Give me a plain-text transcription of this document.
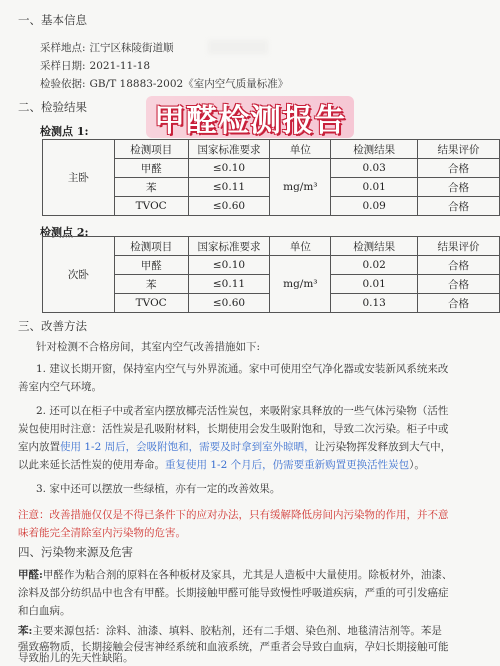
一、基本信息
采样地点: 江宁区秣陵街道顺
采样日期: 2021-11-18
检验依据: GB/T 18883-2002《室内空气质量标准》
二、检验结果 甲醛检测报告
检测点 1:
主卧	检测项目	国家标准要求	单位	检测结果	结果评价
	甲醛	≤0.10	mg/m³	0.03	合格
	苯	≤0.11		0.01	合格
	TVOC	≤0.60		0.09	合格
检测点 2:
次卧	检测项目	国家标准要求	单位	检测结果	结果评价
	甲醛	≤0.10	mg/m³	0.02	合格
	苯	≤0.11		0.01	合格
	TVOC	≤0.60		0.13	合格
三、改善方法
针对检测不合格房间，其室内空气改善措施如下:
1. 建议长期开窗，保持室内空气与外界流通。家中可使用空气净化器或安装新风系统来改
善室内空气环境。
2. 还可以在柜子中或者室内摆放椰壳活性炭包，来吸附家具释放的一些气体污染物（活性
炭包使用时注意：活性炭是孔吸附材料，长期使用会发生吸附饱和，导致二次污染。柜子中或
室内放置使用 1-2 周后，会吸附饱和，需要及时拿到室外晾晒，让污染物挥发释放到大气中，
以此来延长活性炭的使用寿命。重复使用 1-2 个月后，仍需要重新购置更换活性炭包）。
3. 家中还可以摆放一些绿植，亦有一定的改善效果。
注意：改善措施仅仅是不得已条件下的应对办法，只有缓解降低房间内污染物的作用，并不意
味着能完全清除室内污染物的危害。
四、污染物来源及危害
甲醛:甲醛作为粘合剂的原料在各种板材及家具，尤其是人造板中大量使用。除板材外，油漆、
涂料及部分纺织品中也含有甲醛。长期接触甲醛可能导致慢性呼吸道疾病，严重的可引发癌症
和白血病。
苯:主要来源包括：涂料、油漆、填料、胶粘剂，还有二手烟、染色剂、地毯清洁剂等。苯是
强致癌物质，长期接触会侵害神经系统和血液系统，严重者会导致白血病，孕妇长期接触可能
导致胎儿的先天性缺陷。
